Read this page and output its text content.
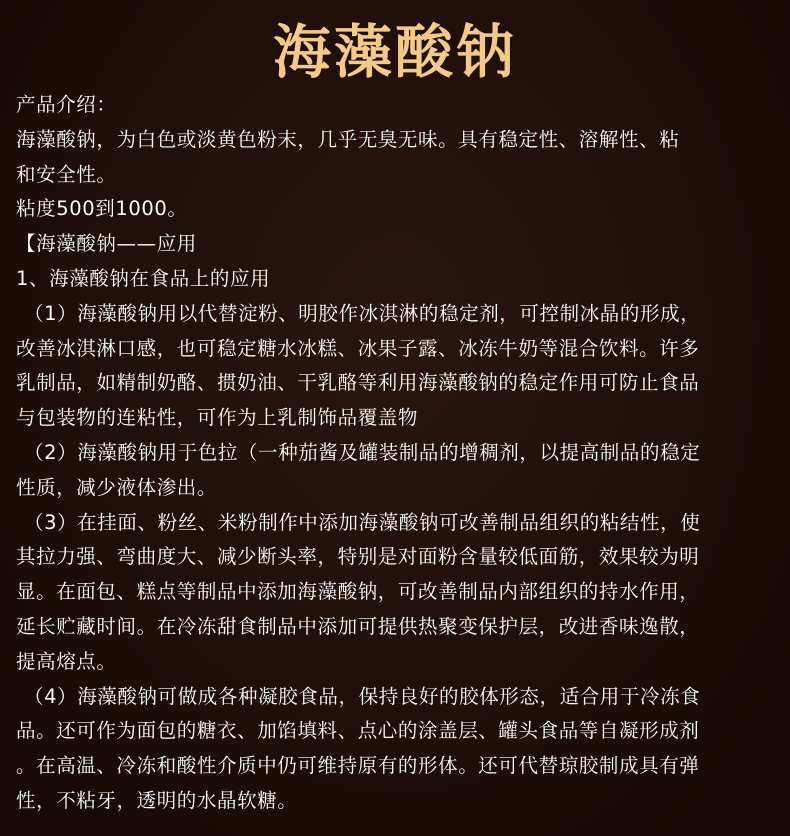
海藻酸钠

产品介绍：

海藻酸钠，为白色或淡黄色粉末，几乎无臭无味。具有稳定性、溶解性、粘

和安全性。

粘度500到1000。

【海藻酸钠——应用

1、海藻酸钠在食品上的应用

（1）海藻酸钠用以代替淀粉、明胶作冰淇淋的稳定剂，可控制冰晶的形成，

改善冰淇淋口感，也可稳定糖水冰糕、冰果子露、冰冻牛奶等混合饮料。许多

乳制品，如精制奶酪、掼奶油、干乳酪等利用海藻酸钠的稳定作用可防止食品

与包装物的连粘性，可作为上乳制饰品覆盖物

（2）海藻酸钠用于色拉（一种茄酱及罐装制品的增稠剂，以提高制品的稳定

性质，减少液体渗出。

（3）在挂面、粉丝、米粉制作中添加海藻酸钠可改善制品组织的粘结性，使

其拉力强、弯曲度大、减少断头率，特别是对面粉含量较低面筋，效果较为明

显。在面包、糕点等制品中添加海藻酸钠，可改善制品内部组织的持水作用，

延长贮藏时间。在冷冻甜食制品中添加可提供热聚变保护层，改进香味逸散，

提高熔点。

（4）海藻酸钠可做成各种凝胶食品，保持良好的胶体形态，适合用于冷冻食

品。还可作为面包的糖衣、加馅填料、点心的涂盖层、罐头食品等自凝形成剂

。在高温、冷冻和酸性介质中仍可维持原有的形体。还可代替琼胶制成具有弹

性，不粘牙，透明的水晶软糖。
